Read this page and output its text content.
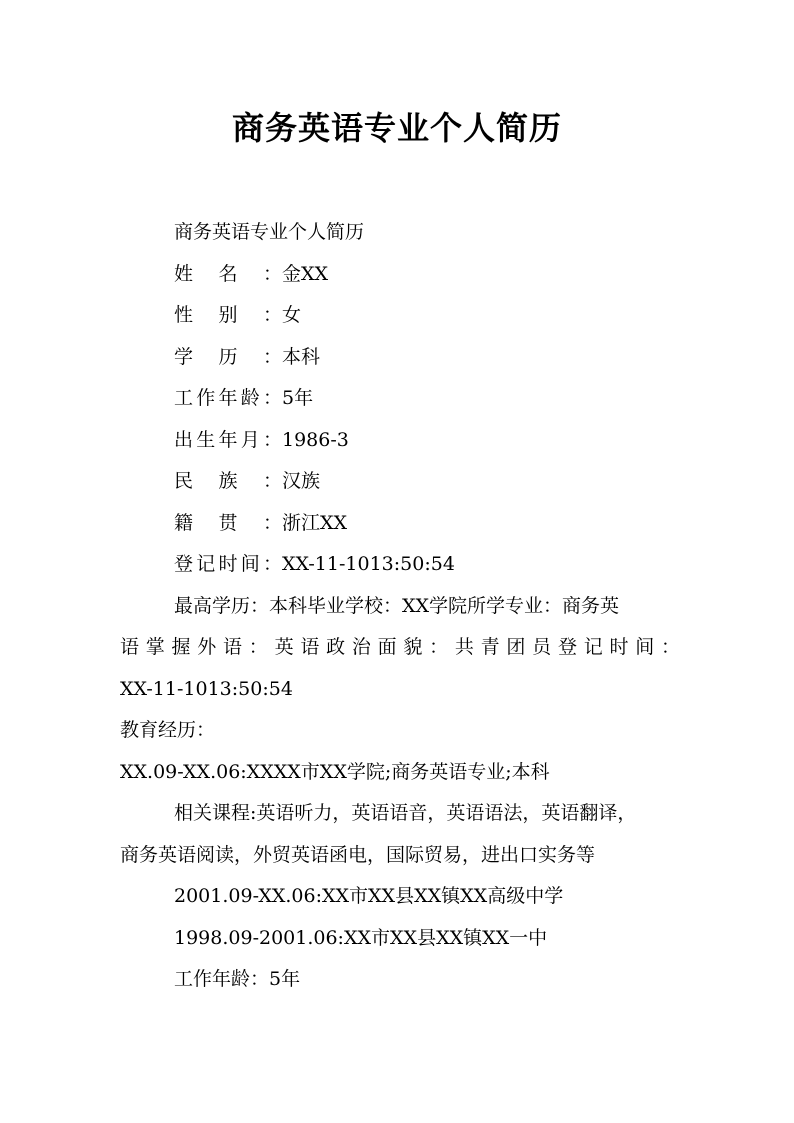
商务英语专业个人简历

商务英语专业个人简历

姓名： 金XX
性别： 女
学历： 本科
工作年龄： 5年
出生年月： 1986-3
民族： 汉族
籍贯： 浙江XX
登记时间： XX-11-1013:50:54

最高学历：本科毕业学校：XX学院所学专业：商务英

语掌握外语：英语政治面貌：共青团员登记时间：

XX-11-1013:50:54

教育经历：

XX.09-XX.06:XXXX市XX学院;商务英语专业;本科

相关课程:英语听力，英语语音，英语语法，英语翻译，

商务英语阅读，外贸英语函电，国际贸易，进出口实务等

2001.09-XX.06:XX市XX县XX镇XX高级中学

1998.09-2001.06:XX市XX县XX镇XX一中

工作年龄：5年
